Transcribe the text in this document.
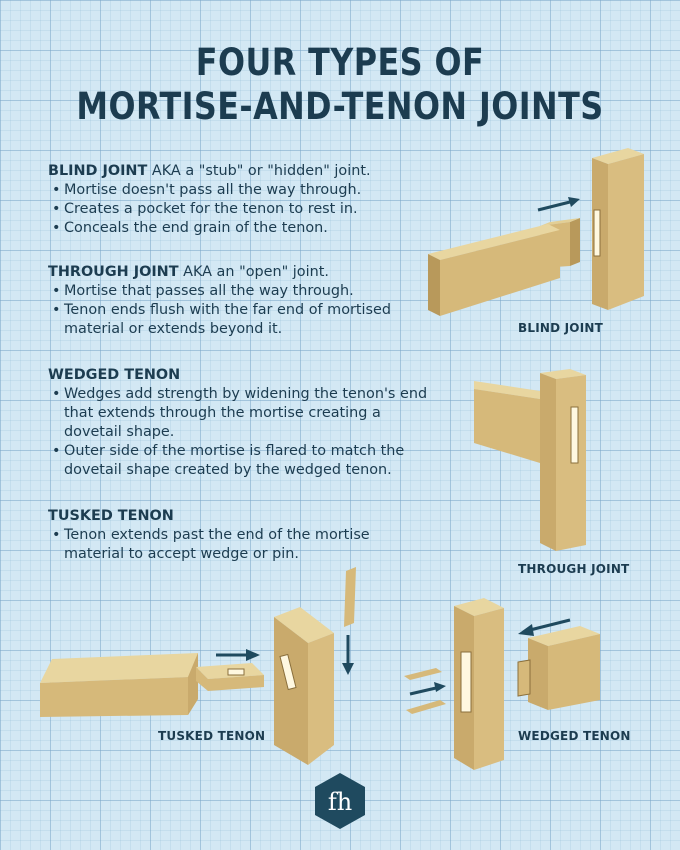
FOUR TYPES OF
MORTISE-AND-TENON JOINTS
BLIND JOINT AKA a "stub" or "hidden" joint.
• Mortise doesn't pass all the way through.
• Creates a pocket for the tenon to rest in.
• Conceals the end grain of the tenon.
THROUGH JOINT AKA an "open" joint.
• Mortise that passes all the way through.
• Tenon ends flush with the far end of mortised material or extends beyond it.
WEDGED TENON
• Wedges add strength by widening the tenon's end that extends through the mortise creating a dovetail shape.
• Outer side of the mortise is flared to match the dovetail shape created by the wedged tenon.
TUSKED TENON
• Tenon extends past the end of the mortise material to accept wedge or pin.
BLIND JOINT
THROUGH JOINT
TUSKED TENON	WEDGED TENON
fh
